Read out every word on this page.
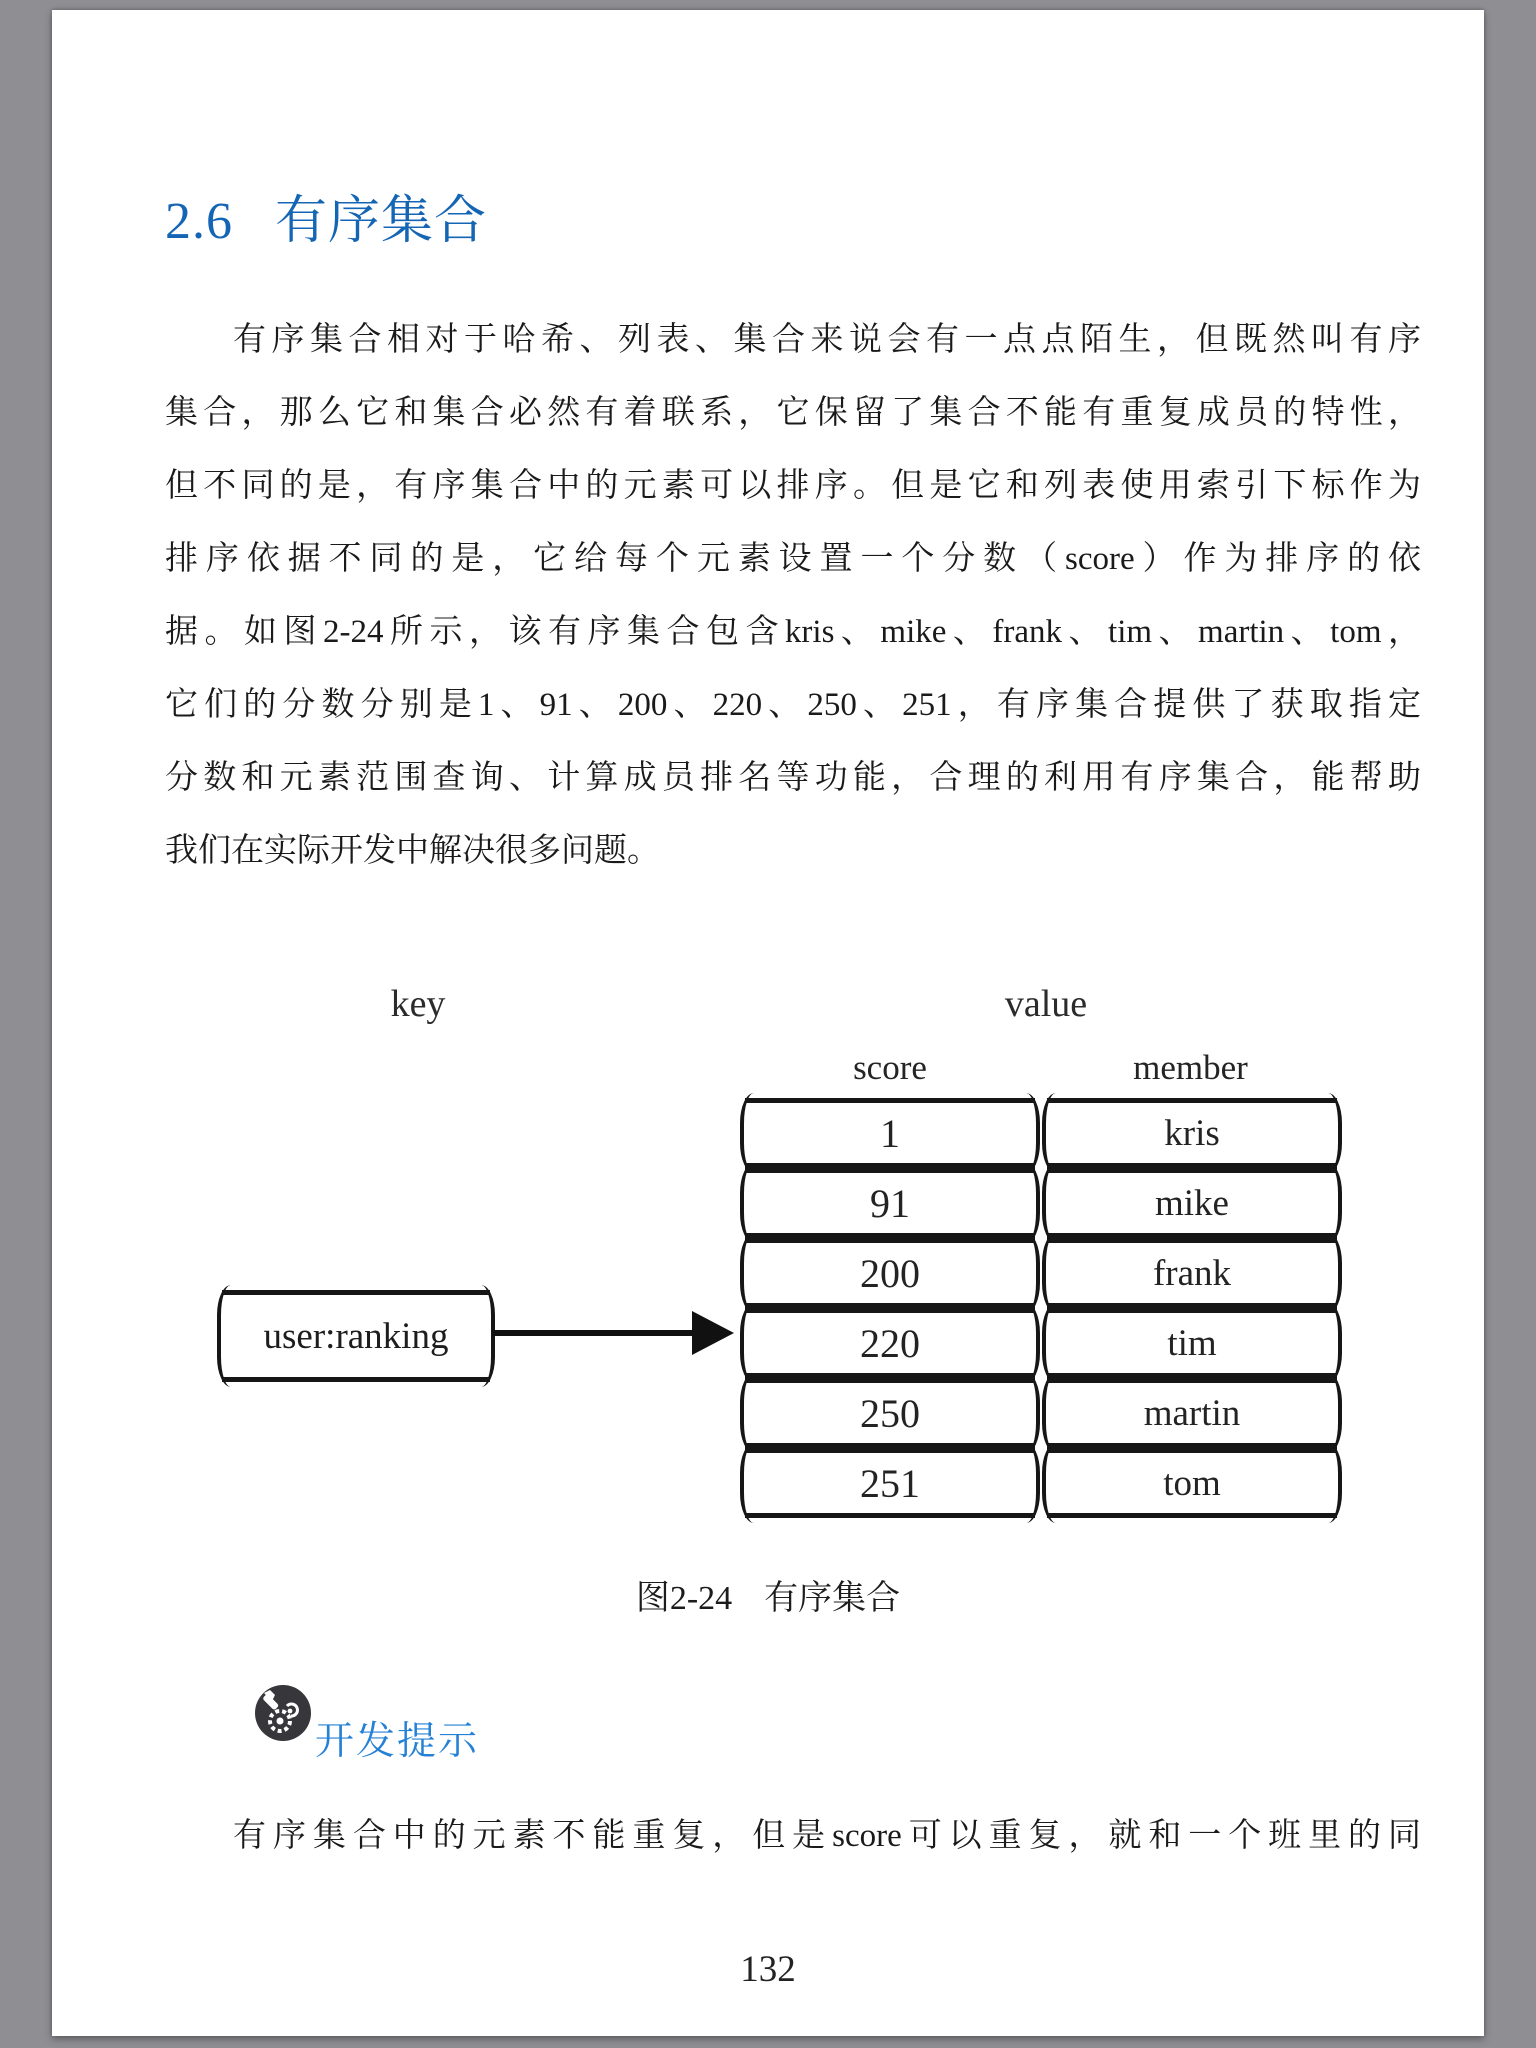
2.6 有序集合
有序集合相对于哈希、列表、集合来说会有一点点陌生，但既然叫有序
集合，那么它和集合必然有着联系，它保留了集合不能有重复成员的特性，
但不同的是，有序集合中的元素可以排序。但是它和列表使用索引下标作为
排序依据不同的是，它给每个元素设置一个分数（score）作为排序的依
据。如图2-24所示，该有序集合包含kris、mike、frank、tim、martin、tom，
它们的分数分别是1、91、200、220、250、251，有序集合提供了获取指定
分数和元素范围查询、计算成员排名等功能，合理的利用有序集合，能帮助
我们在实际开发中解决很多问题。
key	value
score	member
1	kris
91	mike
200	frank
220	tim
250	martin
251	tom
user:ranking
图2-24 有序集合
开发提示
有序集合中的元素不能重复，但是score可以重复，就和一个班里的同
132
